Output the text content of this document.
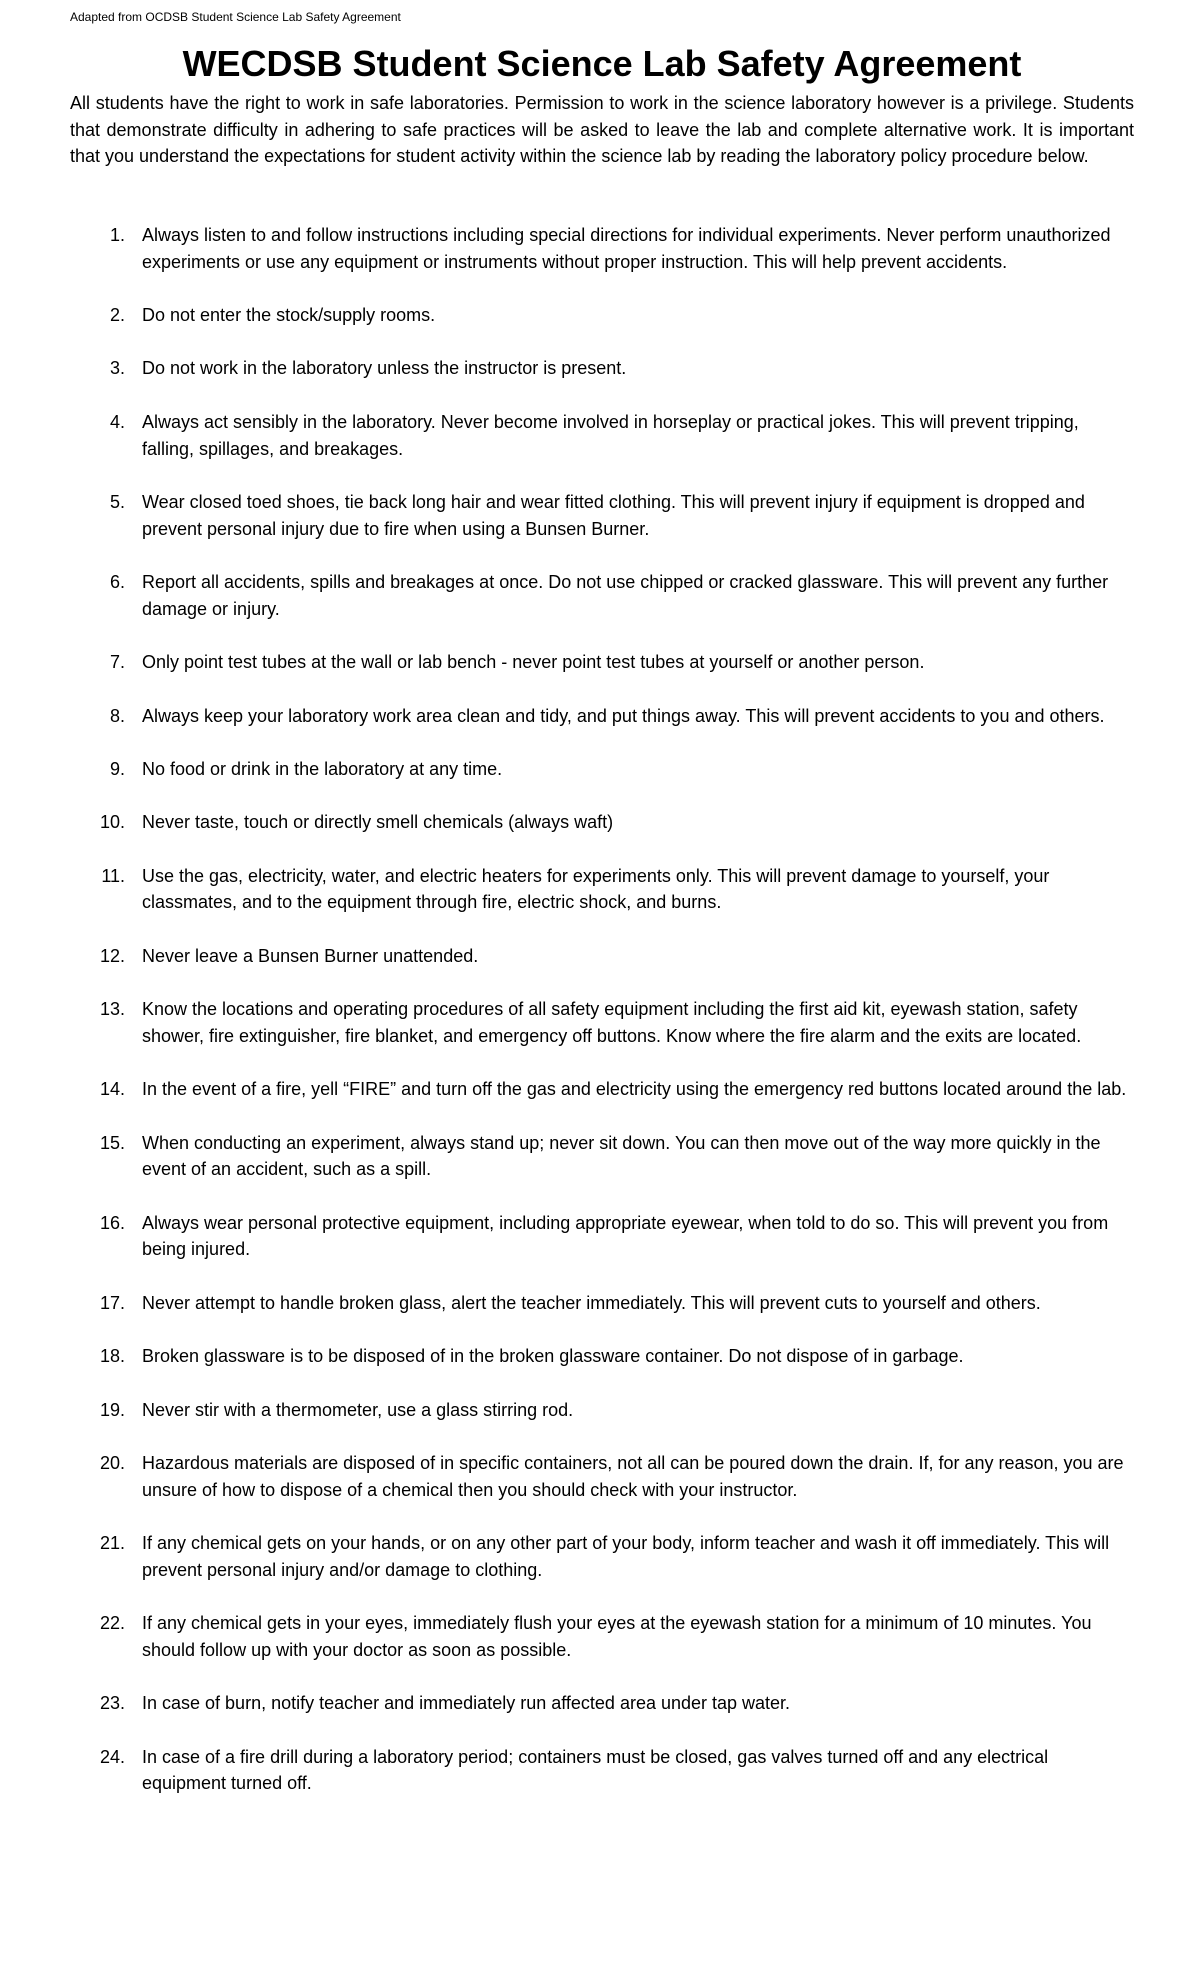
Adapted from OCDSB Student Science Lab Safety Agreement
WECDSB Student Science Lab Safety Agreement

All students have the right to work in safe laboratories. Permission to work in the science laboratory however is a privilege. Students that demonstrate difficulty in adhering to safe practices will be asked to leave the lab and complete alternative work. It is important that you understand the expectations for student activity within the science lab by reading the laboratory policy procedure below.

1. Always listen to and follow instructions including special directions for individual experiments. Never perform unauthorized experiments or use any equipment or instruments without proper instruction. This will help prevent accidents.
2. Do not enter the stock/supply rooms.
3. Do not work in the laboratory unless the instructor is present.
4. Always act sensibly in the laboratory. Never become involved in horseplay or practical jokes. This will prevent tripping, falling, spillages, and breakages.
5. Wear closed toed shoes, tie back long hair and wear fitted clothing. This will prevent injury if equipment is dropped and prevent personal injury due to fire when using a Bunsen Burner.
6. Report all accidents, spills and breakages at once. Do not use chipped or cracked glassware. This will prevent any further damage or injury.
7. Only point test tubes at the wall or lab bench - never point test tubes at yourself or another person.
8. Always keep your laboratory work area clean and tidy, and put things away. This will prevent accidents to you and others.
9. No food or drink in the laboratory at any time.
10. Never taste, touch or directly smell chemicals (always waft)
11. Use the gas, electricity, water, and electric heaters for experiments only. This will prevent damage to yourself, your classmates, and to the equipment through fire, electric shock, and burns.
12. Never leave a Bunsen Burner unattended.
13. Know the locations and operating procedures of all safety equipment including the first aid kit, eyewash station, safety shower, fire extinguisher, fire blanket, and emergency off buttons. Know where the fire alarm and the exits are located.
14. In the event of a fire, yell “FIRE” and turn off the gas and electricity using the emergency red buttons located around the lab.
15. When conducting an experiment, always stand up; never sit down. You can then move out of the way more quickly in the event of an accident, such as a spill.
16. Always wear personal protective equipment, including appropriate eyewear, when told to do so. This will prevent you from being injured.
17. Never attempt to handle broken glass, alert the teacher immediately. This will prevent cuts to yourself and others.
18. Broken glassware is to be disposed of in the broken glassware container. Do not dispose of in garbage.
19. Never stir with a thermometer, use a glass stirring rod.
20. Hazardous materials are disposed of in specific containers, not all can be poured down the drain. If, for any reason, you are unsure of how to dispose of a chemical then you should check with your instructor.
21. If any chemical gets on your hands, or on any other part of your body, inform teacher and wash it off immediately. This will prevent personal injury and/or damage to clothing.
22. If any chemical gets in your eyes, immediately flush your eyes at the eyewash station for a minimum of 10 minutes. You should follow up with your doctor as soon as possible.
23. In case of burn, notify teacher and immediately run affected area under tap water.
24. In case of a fire drill during a laboratory period; containers must be closed, gas valves turned off and any electrical equipment turned off.
